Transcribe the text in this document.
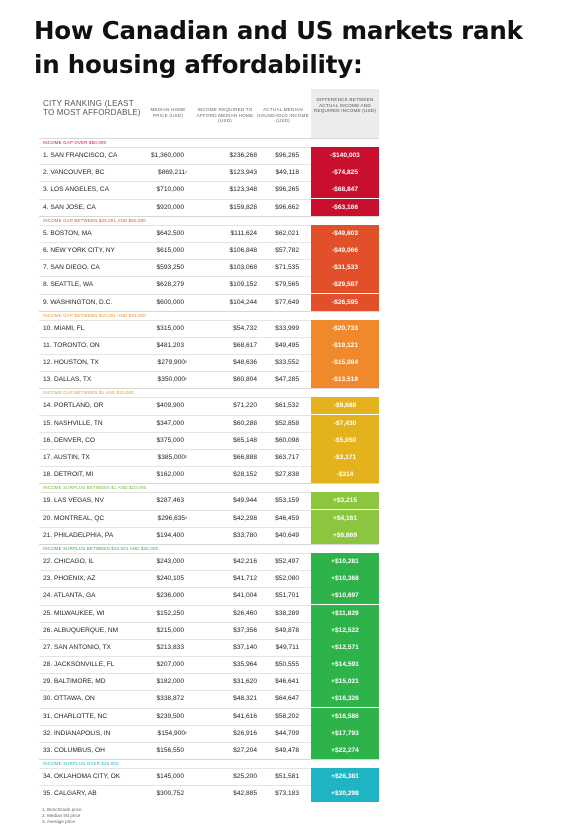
How Canadian and US markets rank in housing affordability:
CITY RANKING (LEAST TO MOST AFFORDABLE)	MEDIAN HOME PRICE (USD)
INCOME REQUIRED TO AFFORD MEDIAN HOME (USD)
ACTUAL MEDIAN HOUSEHOLD INCOME (USD)
DIFFERENCE BETWEEN ACTUAL INCOME AND REQUIRED INCOME (USD)
INCOME GAP OVER $50,000
1. SAN FRANCISCO, CA	$1,360,000	$236,268	$96,265	-$140,003
2. VANCOUVER, BC	$869,211$^1$	$123,943	$49,118	-$74,825
3. LOS ANGELES, CA	$710,000	$123,348	$96,265	-$68,847
4. SAN JOSE, CA	$920,000	$159,828	$96,662	-$63,166
INCOME GAP BETWEEN $25,001 AND $50,000
5. BOSTON, MA	$642,500	$111,624	$62,021	-$49,603
6. NEW YORK CITY, NY	$615,000	$106,848	$57,782	-$49,066
7. SAN DIEGO, CA	$593,250	$103,068	$71,535	-$31,533
8. SEATTLE, WA	$628,279	$109,152	$79,565	-$29,587
9. WASHINGTON, D.C.	$600,000	$104,244	$77,649	-$26,595
INCOME GAP BETWEEN $10,001 AND $25,000
10. MIAMI, FL	$315,000	$54,732	$33,999	-$20,733
11. TORONTO, ON	$481,203	$68,617	$49,495	-$19,121
12. HOUSTON, TX	$279,900$^2$	$48,636	$33,552	-$15,084
13. DALLAS, TX	$350,000$^2$	$60,804	$47,285	-$13,519
INCOME GAP BETWEEN $1 AND $10,000
14. PORTLAND, OR	$409,900	$71,220	$61,532	-$9,688
15. NASHVILLE, TN	$347,000	$60,288	$52,858	-$7,430
16. DENVER, CO	$375,000	$65,148	$60,098	-$5,050
17. AUSTIN, TX	$385,000$^2$	$66,888	$63,717	-$3,171
18. DETROIT, MI	$162,000	$28,152	$27,838	-$314
INCOME SURPLUS BETWEEN $1 AND $10,000
19. LAS VEGAS, NV	$287,463	$49,944	$53,159	+$3,215
20. MONTREAL, QC	$296,635$^3$	$42,298	$46,459	+$4,161
21. PHILADELPHIA, PA	$194,400	$33,780	$40,649	+$6,869
INCOME SURPLUS BETWEEN $10,001 AND $25,000
22. CHICAGO, IL	$243,000	$42,216	$52,497	+$10,281
23. PHOENIX, AZ	$240,105	$41,712	$52,080	+$10,368
24. ATLANTA, GA	$236,000	$41,004	$51,701	+$10,697
25. MILWAUKEE, WI	$152,250	$26,460	$38,289	+$11,829
26. ALBUQUERQUE, NM	$215,000	$37,356	$49,878	+$12,522
27. SAN ANTONIO, TX	$213,833	$37,140	$49,711	+$12,571
28. JACKSONVILLE, FL	$207,000	$35,964	$50,555	+$14,591
29. BALTIMORE, MD	$182,000	$31,620	$46,641	+$15,021
30. OTTAWA, ON	$338,872	$48,321	$64,647	+$16,326
31. CHARLOTTE, NC	$239,500	$41,616	$58,202	+$16,586
32. INDIANAPOLIS, IN	$154,900$^2$	$26,916	$44,709	+$17,793
33. COLUMBUS, OH	$156,550	$27,204	$49,478	+$22,274
INCOME SURPLUS OVER $25,000
34. OKLAHOMA CITY, OK	$145,000	$25,200	$51,581	+$26,381
35. CALGARY, AB	$300,752	$42,885	$73,183	+$30,298
1. Benchmark price
2. Median list price
3. Average price
